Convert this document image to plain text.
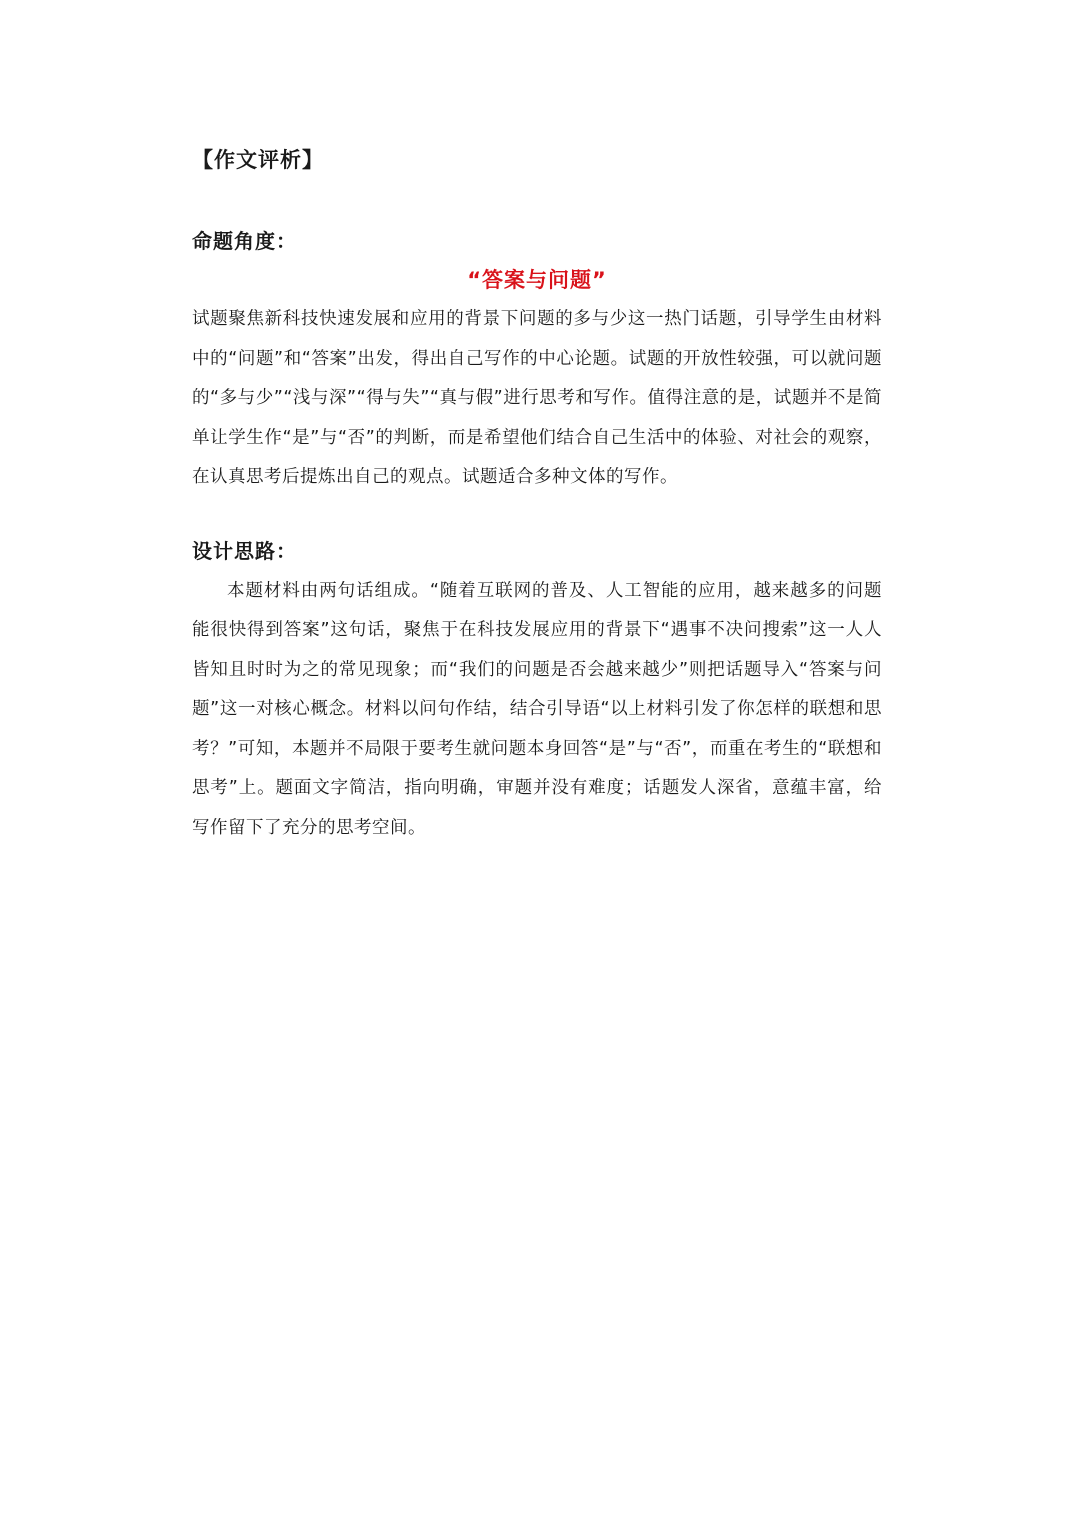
【作文评析】
命题角度：
“答案与问题”

试题聚焦新科技快速发展和应用的背景下问题的多与少这一热门话题，引导学生由材料中的“问题”和“答案”出发，得出自己写作的中心论题。试题的开放性较强，可以就问题的“多与少”“浅与深”“得与失”“真与假”进行思考和写作。值得注意的是，试题并不是简单让学生作“是”与“否”的判断，而是希望他们结合自己生活中的体验、对社会的观察，在认真思考后提炼出自己的观点。试题适合多种文体的写作。

设计思路：

本题材料由两句话组成。“随着互联网的普及、人工智能的应用，越来越多的问题能很快得到答案”这句话，聚焦于在科技发展应用的背景下“遇事不决问搜索”这一人人皆知且时时为之的常见现象；而“我们的问题是否会越来越少”则把话题导入“答案与问题”这一对核心概念。材料以问句作结，结合引导语“以上材料引发了你怎样的联想和思考？”可知，本题并不局限于要考生就问题本身回答“是”与“否”，而重在考生的“联想和思考”上。题面文字简洁，指向明确，审题并没有难度；话题发人深省，意蕴丰富，给写作留下了充分的思考空间。
